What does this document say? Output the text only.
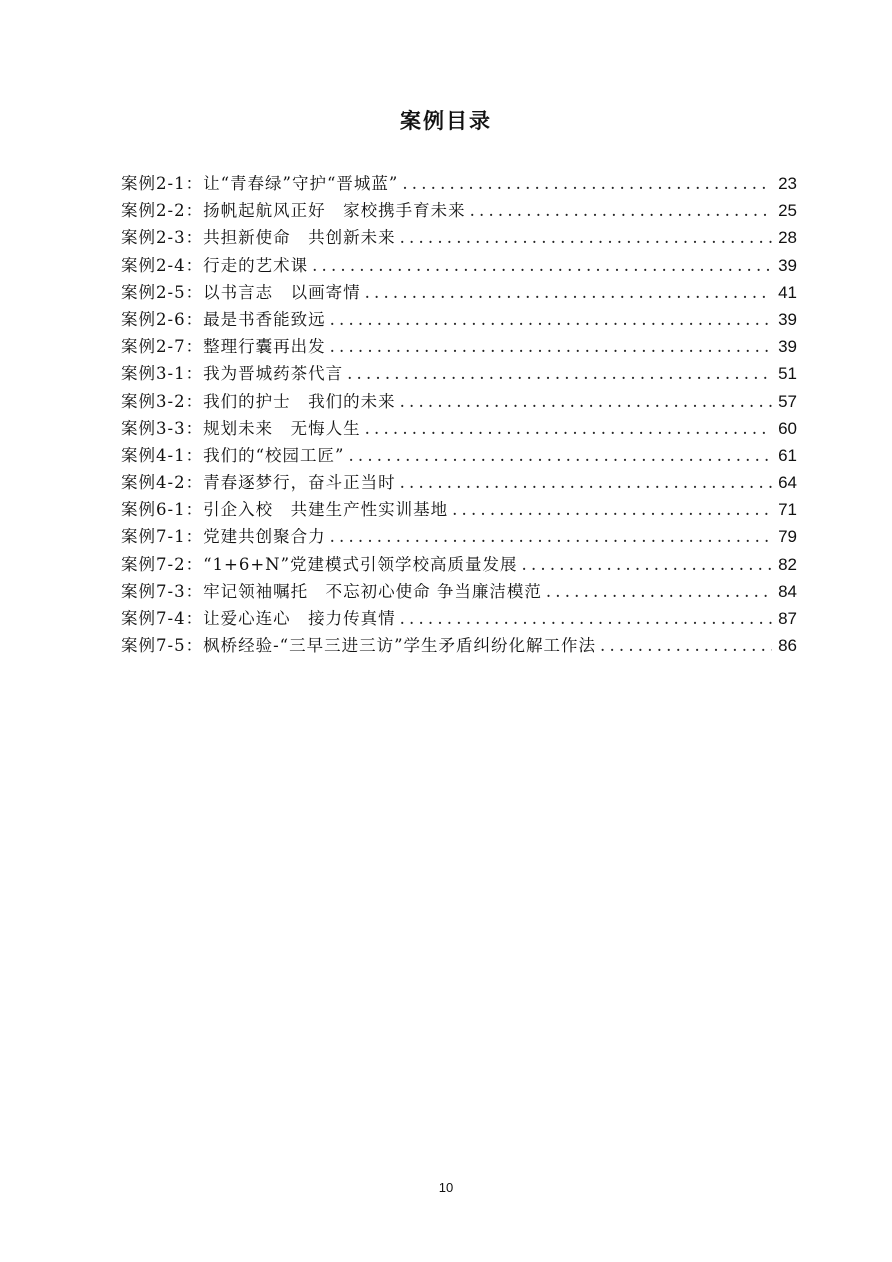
案例目录
案例2-1：让“青春绿”守护“晋城蓝” .....	23
案例2-2：扬帆起航风正好　家校携手育未来 .....	25
案例2-3：共担新使命　共创新未来 .....	28
案例2-4：行走的艺术课 .....	39
案例2-5：以书言志　以画寄情 .....	41
案例2-6：最是书香能致远 .....	39
案例2-7：整理行囊再出发 .....	39
案例3-1：我为晋城药茶代言 .....	51
案例3-2：我们的护士　我们的未来 .....	57
案例3-3：规划未来　无悔人生 .....	60
案例4-1：我们的“校园工匠” .....	61
案例4-2：青春逐梦行，奋斗正当时 .....	64
案例6-1：引企入校　共建生产性实训基地 .....	71
案例7-1：党建共创聚合力 .....	79
案例7-2：“1+6+N”党建模式引领学校高质量发展 .....	82
案例7-3：牢记领袖嘱托　不忘初心使命 争当廉洁模范 .....	84
案例7-4：让爱心连心　接力传真情 .....	87
案例7-5：枫桥经验-“三早三进三访”学生矛盾纠纷化解工作法 .....	86
10
